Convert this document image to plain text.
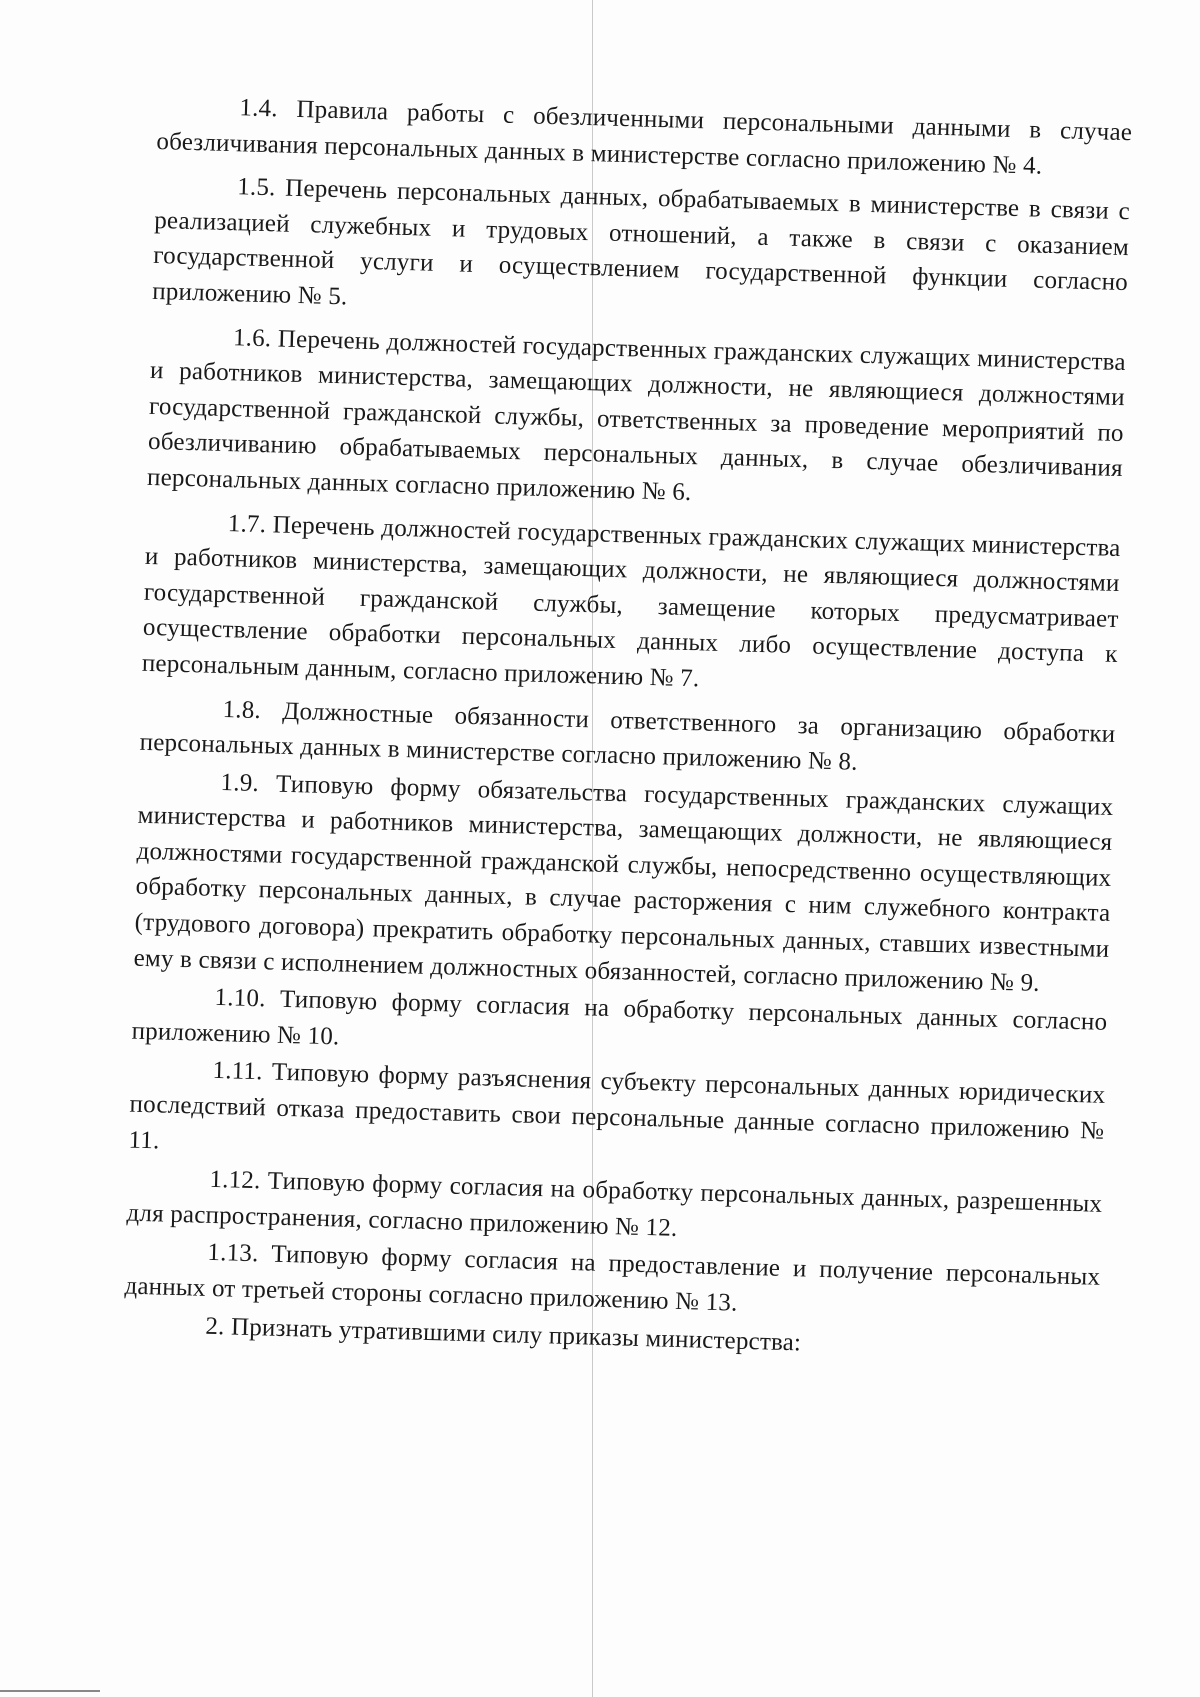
1.4. Правила работы с обезличенными персональными данными в случае обезличивания персональных данных в министерстве согласно приложению № 4.

1.5. Перечень персональных данных, обрабатываемых в министерстве в связи с реализацией служебных и трудовых отношений, а также в связи с оказанием государственной услуги и осуществлением государственной функции согласно приложению № 5.

1.6. Перечень должностей государственных гражданских служащих министерства и работников министерства, замещающих должности, не являющиеся должностями государственной гражданской службы, ответственных за проведение мероприятий по обезличиванию обрабатываемых персональных данных, в случае обезличивания персональных данных согласно приложению № 6.

1.7. Перечень должностей государственных гражданских служащих министерства и работников министерства, замещающих должности, не являющиеся должностями государственной гражданской службы, замещение которых предусматривает осуществление обработки персональных данных либо осуществление доступа к персональным данным, согласно приложению № 7.

1.8. Должностные обязанности ответственного за организацию обработки персональных данных в министерстве согласно приложению № 8.

1.9. Типовую форму обязательства государственных гражданских служащих министерства и работников министерства, замещающих должности, не являющиеся должностями государственной гражданской службы, непосредственно осуществляющих обработку персональных данных, в случае расторжения с ним служебного контракта (трудового договора) прекратить обработку персональных данных, ставших известными ему в связи с исполнением должностных обязанностей, согласно приложению № 9.

1.10. Типовую форму согласия на обработку персональных данных согласно приложению № 10.

1.11. Типовую форму разъяснения субъекту персональных данных юридических последствий отказа предоставить свои персональные данные согласно приложению № 11.

1.12. Типовую форму согласия на обработку персональных данных, разрешенных для распространения, согласно приложению № 12.

1.13. Типовую форму согласия на предоставление и получение персональных данных от третьей стороны согласно приложению № 13.

2. Признать утратившими силу приказы министерства:
